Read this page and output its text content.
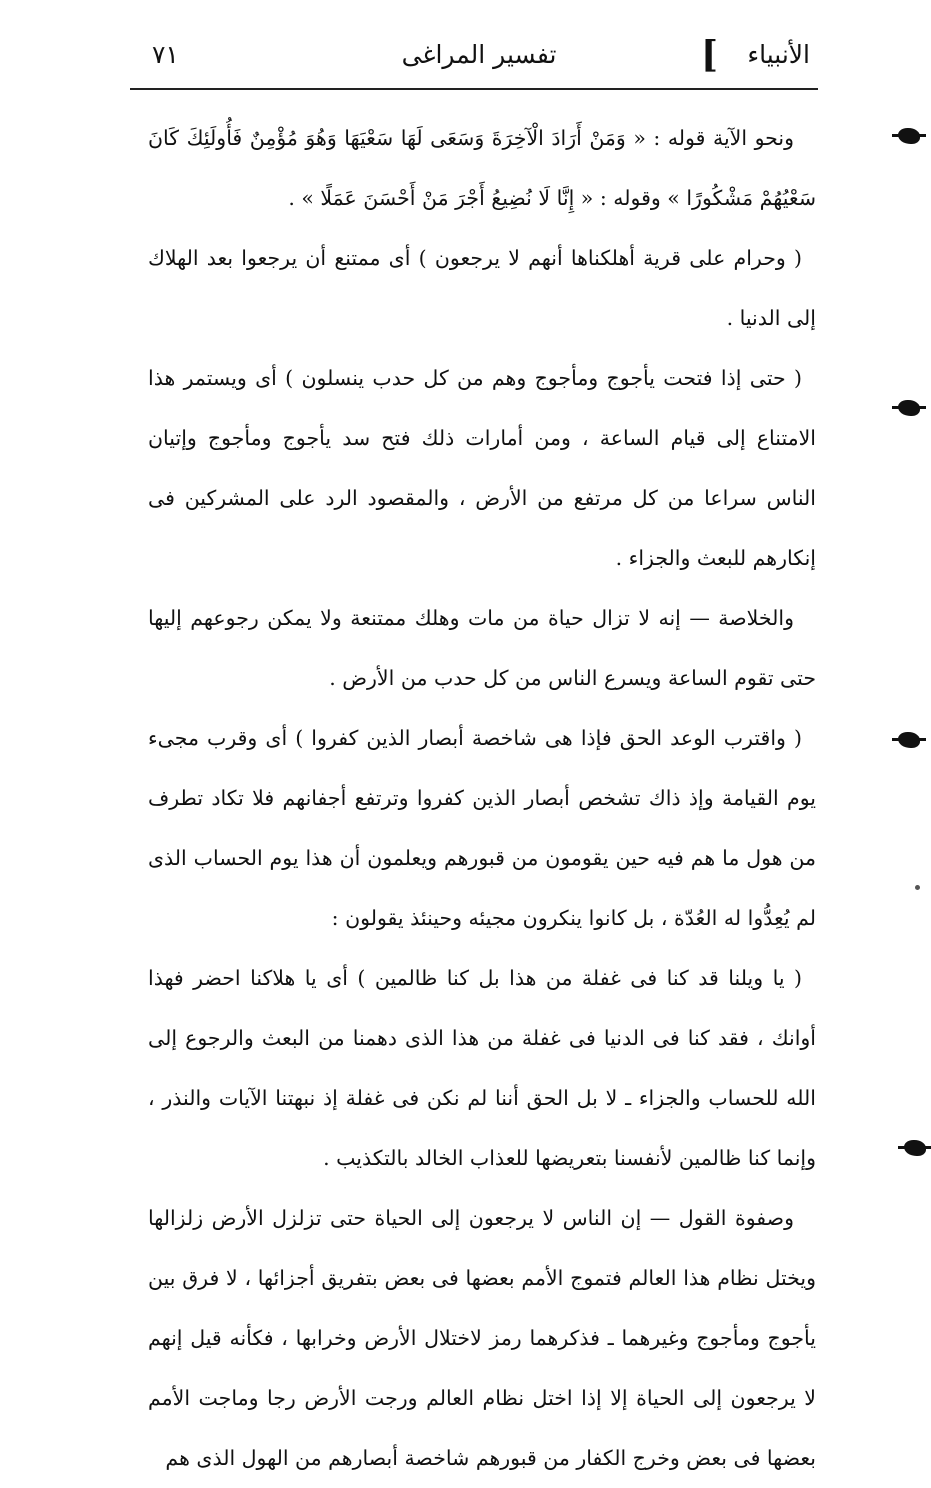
الأنبياء
]
تفسير المراغى
٧١

ونحو الآية قوله : « وَمَنْ أَرَادَ الْآخِرَةَ وَسَعَى لَهَا سَعْيَهَا وَهُوَ مُؤْمِنٌ فَأُولَئِكَ كَانَ سَعْيُهُمْ مَشْكُورًا » وقوله : « إِنَّا لَا نُضِيعُ أَجْرَ مَنْ أَحْسَنَ عَمَلًا » .

( وحرام على قرية أهلكناها أنهم لا يرجعون ) أى ممتنع أن يرجعوا بعد الهلاك إلى الدنيا .

( حتى إذا فتحت يأجوج ومأجوج وهم من كل حدب ينسلون ) أى ويستمر هذا الامتناع إلى قيام الساعة ، ومن أمارات ذلك فتح سد يأجوج ومأجوج وإتيان الناس سراعا من كل مرتفع من الأرض ، والمقصود الرد على المشركين فى إنكارهم للبعث والجزاء .

والخلاصة — إنه لا تزال حياة من مات وهلك ممتنعة ولا يمكن رجوعهم إليها حتى تقوم الساعة ويسرع الناس من كل حدب من الأرض .

( واقترب الوعد الحق فإذا هى شاخصة أبصار الذين كفروا ) أى وقرب مجىء يوم القيامة وإذ ذاك تشخص أبصار الذين كفروا وترتفع أجفانهم فلا تكاد تطرف من هول ما هم فيه حين يقومون من قبورهم ويعلمون أن هذا يوم الحساب الذى لم يُعِدُّوا له العُدّة ، بل كانوا ينكرون مجيئه وحينئذ يقولون :

( يا ويلنا قد كنا فى غفلة من هذا بل كنا ظالمين ) أى يا هلاكنا احضر فهذا أوانك ، فقد كنا فى الدنيا فى غفلة من هذا الذى دهمنا من البعث والرجوع إلى الله للحساب والجزاء ـ لا بل الحق أننا لم نكن فى غفلة إذ نبهتنا الآيات والنذر ، وإنما كنا ظالمين لأنفسنا بتعريضها للعذاب الخالد بالتكذيب .

وصفوة القول — إن الناس لا يرجعون إلى الحياة حتى تزلزل الأرض زلزالها ويختل نظام هذا العالم فتموج الأمم بعضها فى بعض بتفريق أجزائها ، لا فرق بين يأجوج ومأجوج وغيرهما ـ فذكرهما رمز لاختلال الأرض وخرابها ، فكأنه قيل إنهم لا يرجعون إلى الحياة إلا إذا اختل نظام العالم ورجت الأرض رجا وماجت الأمم بعضها فى بعض وخرج الكفار من قبورهم شاخصة أبصارهم من الهول الذى هم
